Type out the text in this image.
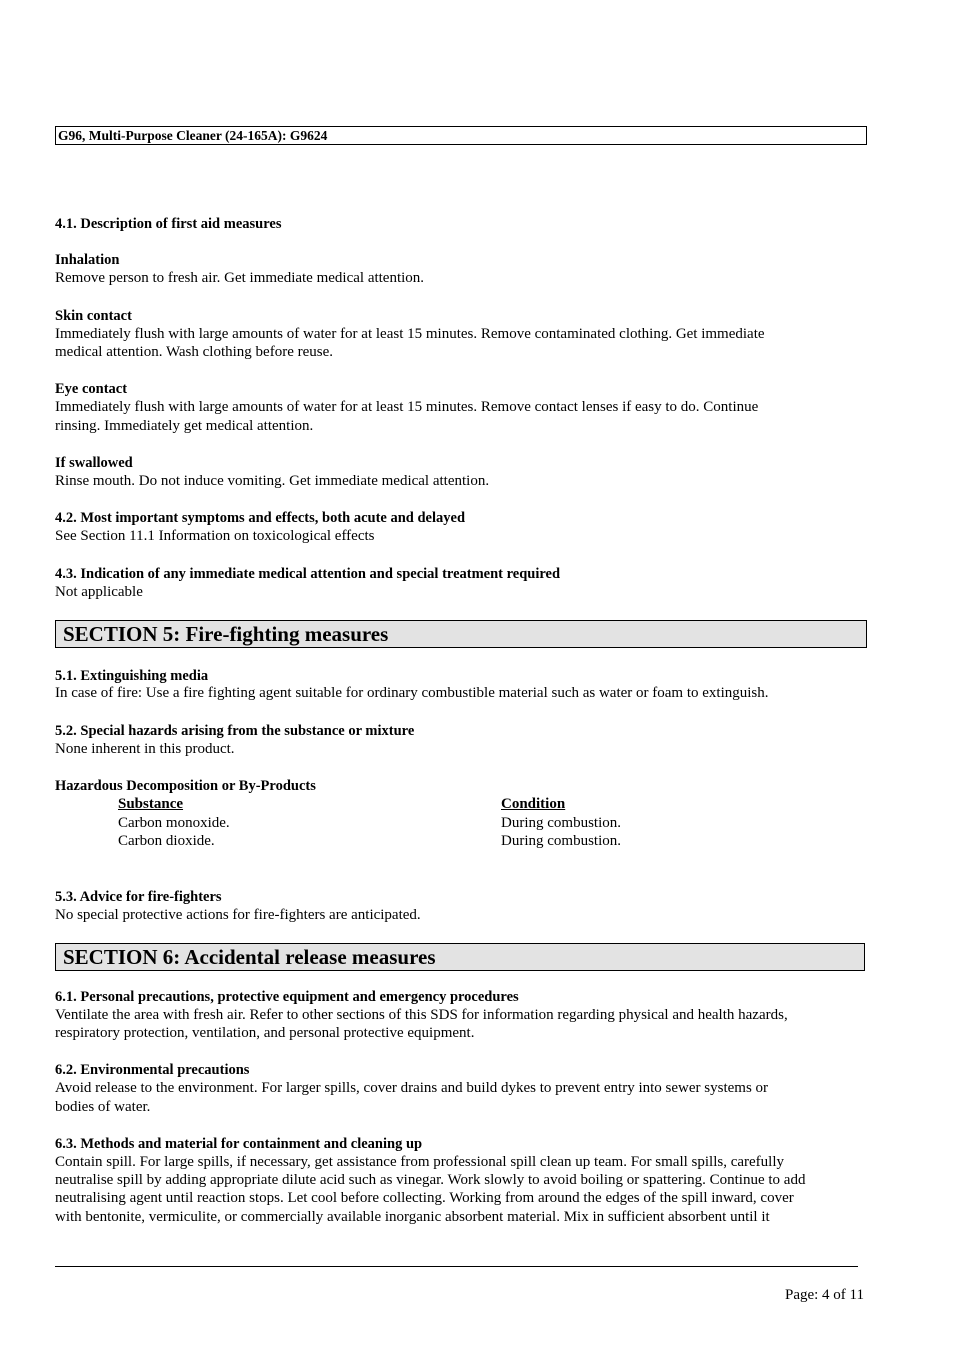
G96, Multi-Purpose Cleaner (24-165A): G9624
4.1. Description of first aid measures
Inhalation
Remove person to fresh air. Get immediate medical attention.
Skin contact
Immediately flush with large amounts of water for at least 15 minutes. Remove contaminated clothing. Get immediate
medical attention. Wash clothing before reuse.
Eye contact
Immediately flush with large amounts of water for at least 15 minutes. Remove contact lenses if easy to do. Continue
rinsing. Immediately get medical attention.
If swallowed
Rinse mouth. Do not induce vomiting. Get immediate medical attention.
4.2. Most important symptoms and effects, both acute and delayed
See Section 11.1 Information on toxicological effects
4.3. Indication of any immediate medical attention and special treatment required
Not applicable
SECTION 5: Fire-fighting measures
5.1. Extinguishing media
In case of fire: Use a fire fighting agent suitable for ordinary combustible material such as water or foam to extinguish.
5.2. Special hazards arising from the substance or mixture
None inherent in this product.
Hazardous Decomposition or By-Products
Substance	Condition
Carbon monoxide.	During combustion.
Carbon dioxide.	During combustion.
5.3. Advice for fire-fighters
No special protective actions for fire-fighters are anticipated.
SECTION 6: Accidental release measures
6.1. Personal precautions, protective equipment and emergency procedures
Ventilate the area with fresh air. Refer to other sections of this SDS for information regarding physical and health hazards,
respiratory protection, ventilation, and personal protective equipment.
6.2. Environmental precautions
Avoid release to the environment. For larger spills, cover drains and build dykes to prevent entry into sewer systems or
bodies of water.
6.3. Methods and material for containment and cleaning up
Contain spill. For large spills, if necessary, get assistance from professional spill clean up team. For small spills, carefully
neutralise spill by adding appropriate dilute acid such as vinegar. Work slowly to avoid boiling or spattering. Continue to add
neutralising agent until reaction stops. Let cool before collecting. Working from around the edges of the spill inward, cover
with bentonite, vermiculite, or commercially available inorganic absorbent material. Mix in sufficient absorbent until it
Page: 4 of 11
